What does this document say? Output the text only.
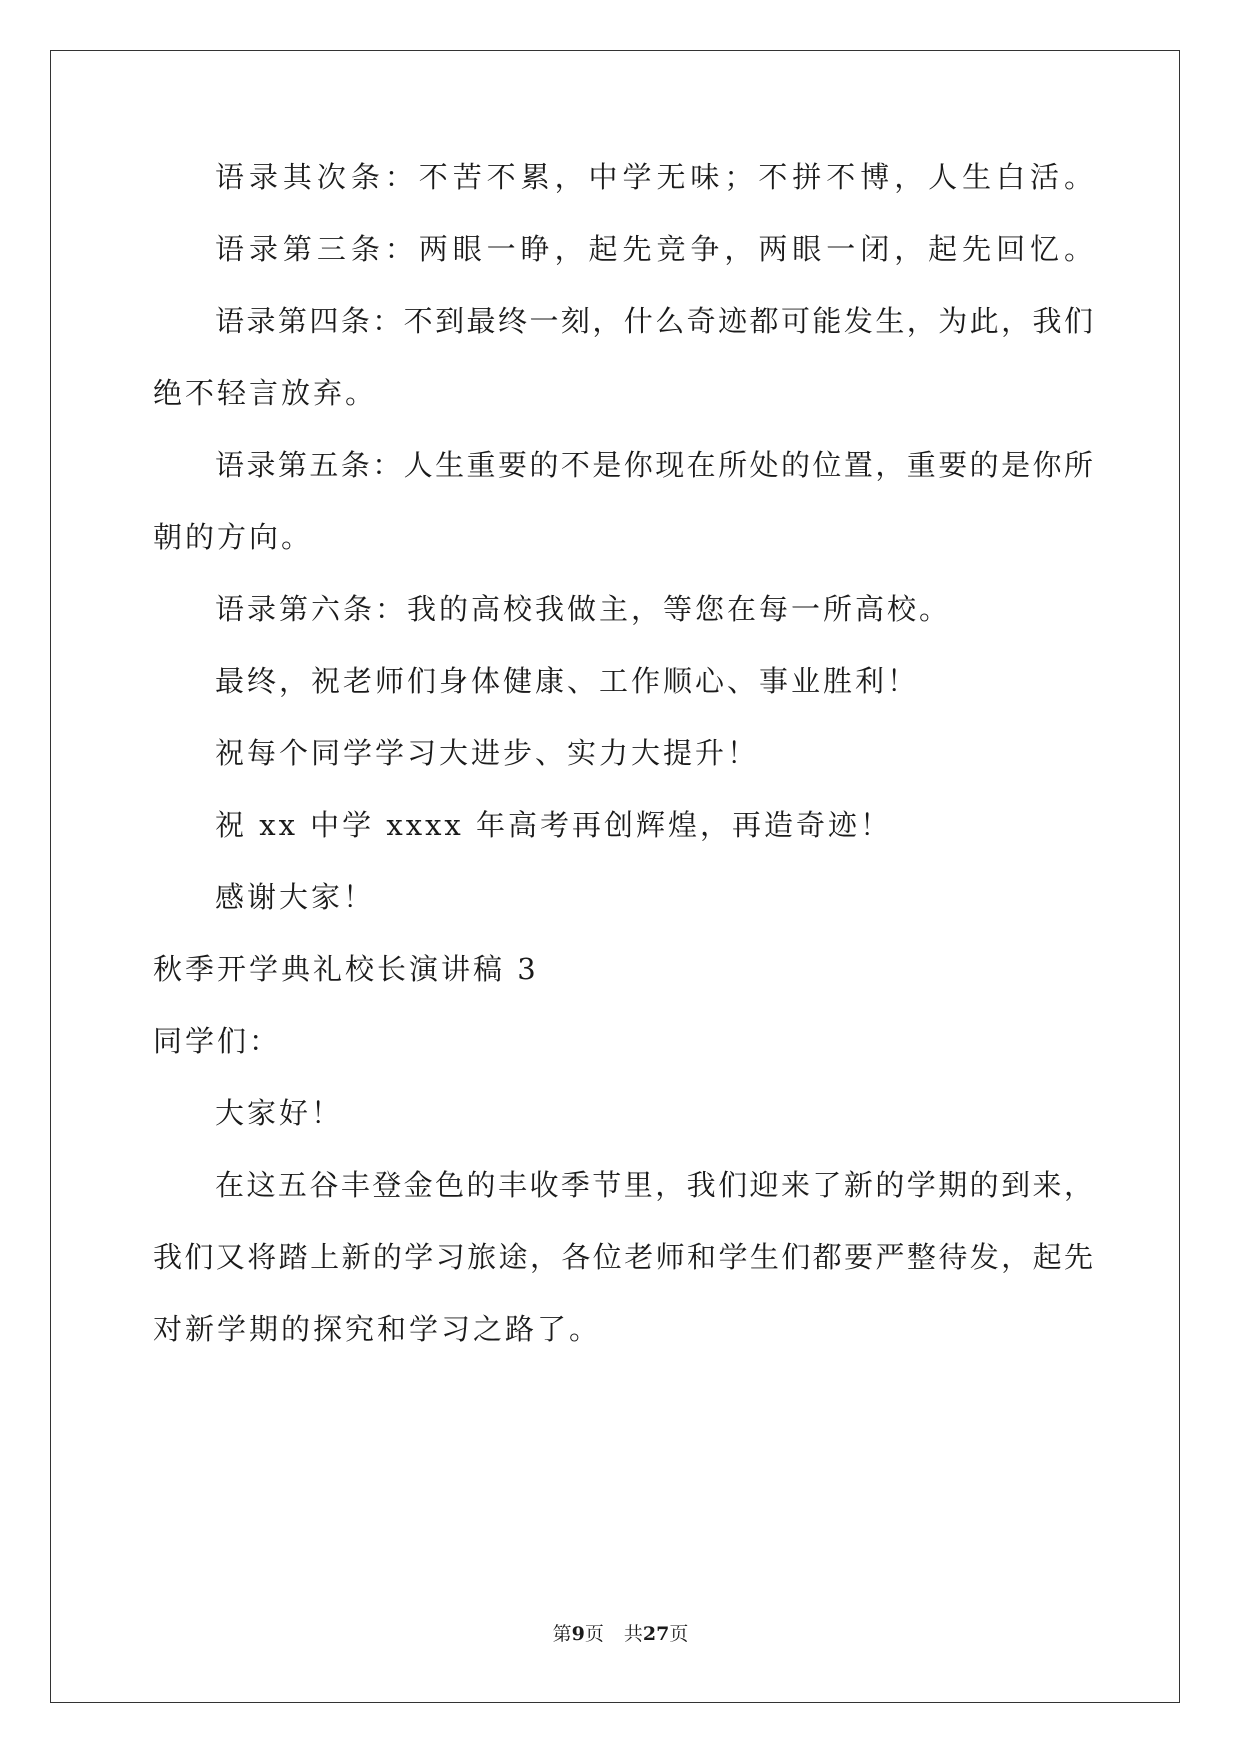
语录其次条：不苦不累，中学无味；不拼不博，人生白活。
语录第三条：两眼一睁，起先竞争，两眼一闭，起先回忆。
语录第四条：不到最终一刻，什么奇迹都可能发生，为此，我们
绝不轻言放弃。
语录第五条：人生重要的不是你现在所处的位置，重要的是你所
朝的方向。
语录第六条：我的高校我做主，等您在每一所高校。
最终，祝老师们身体健康、工作顺心、事业胜利！
祝每个同学学习大进步、实力大提升！
祝 xx 中学 xxxx 年高考再创辉煌，再造奇迹！
感谢大家！
秋季开学典礼校长演讲稿 3
同学们：
大家好！
在这五谷丰登金色的丰收季节里，我们迎来了新的学期的到来，
我们又将踏上新的学习旅途，各位老师和学生们都要严整待发，起先
对新学期的探究和学习之路了。
第9页 共27页
